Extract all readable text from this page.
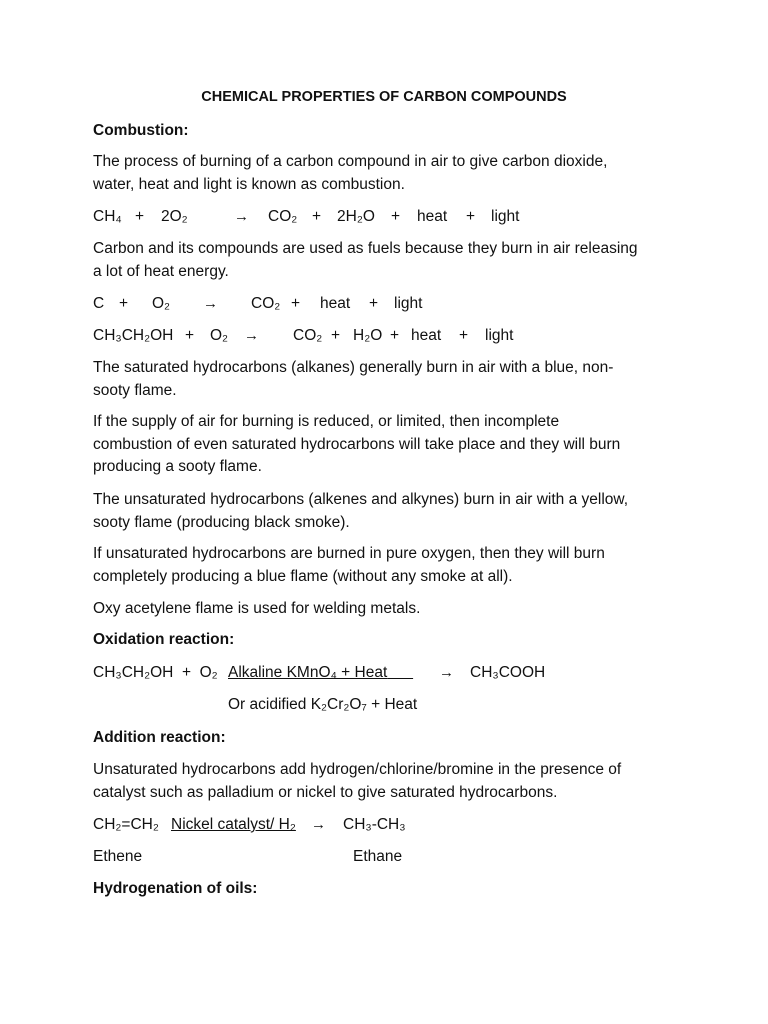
CHEMICAL PROPERTIES OF CARBON COMPOUNDS
Combustion:
The process of burning of a carbon compound in air to give carbon dioxide,
water, heat and light is known as combustion.
CH₄ + 2O₂	→ CO₂ + 2H₂O + heat + light
Carbon and its compounds are used as fuels because they burn in air releasing
a lot of heat energy.
C + O₂ → CO₂ + heat + light
CH₃CH₂OH + O₂ → CO₂ + H₂O + heat + light
The saturated hydrocarbons (alkanes) generally burn in air with a blue, non-
sooty flame.
If the supply of air for burning is reduced, or limited, then incomplete
combustion of even saturated hydrocarbons will take place and they will burn
producing a sooty flame.
The unsaturated hydrocarbons (alkenes and alkynes) burn in air with a yellow,
sooty flame (producing black smoke).
If unsaturated hydrocarbons are burned in pure oxygen, then they will burn
completely producing a blue flame (without any smoke at all).
Oxy acetylene flame is used for welding metals.
Oxidation reaction:
CH₃CH₂OH  +  O₂ Alkaline KMnO₄ + Heat	→ CH₃COOH
Or acidified K₂Cr₂O₇ + Heat
Addition reaction:
Unsaturated hydrocarbons add hydrogen/chlorine/bromine in the presence of
catalyst such as palladium or nickel to give saturated hydrocarbons.
CH₂=CH₂ Nickel catalyst/ H₂ → CH₃-CH₃
Ethene	Ethane
Hydrogenation of oils:
